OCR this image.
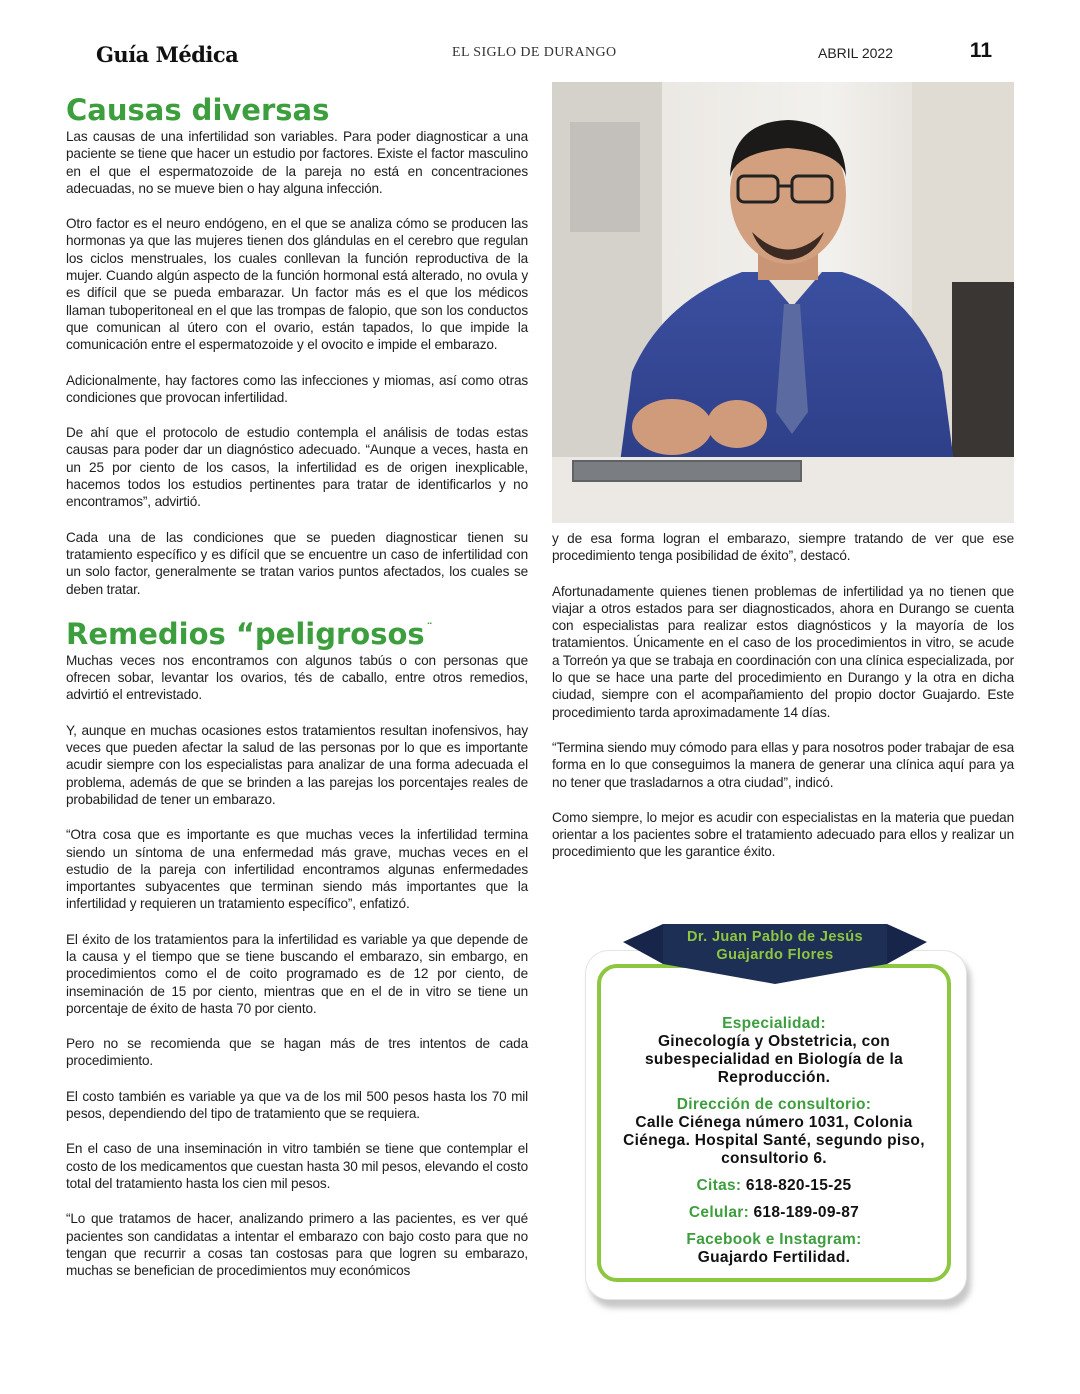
Guía Médica	EL SIGLO DE DURANGO	ABRIL 2022	11
Causas diversas

Las causas de una infertilidad son variables. Para poder diagnosticar a una paciente se tiene que hacer un estudio por factores. Existe el factor masculino en el que el espermatozoide de la pareja no está en concentraciones adecuadas, no se mueve bien o hay alguna infección.

Otro factor es el neuro endógeno, en el que se analiza cómo se producen las hormonas ya que las mujeres tienen dos glándulas en el cerebro que regulan los ciclos menstruales, los cuales conllevan la función reproductiva de la mujer. Cuando algún aspecto de la función hormonal está alterado, no ovula y es difícil que se pueda embarazar. Un factor más es el que los médicos llaman tuboperitoneal en el que las trompas de falopio, que son los conductos que comunican al útero con el ovario, están tapados, lo que impide la comunicación entre el espermatozoide y el ovocito e impide el embarazo.

Adicionalmente, hay factores como las infecciones y miomas, así como otras condiciones que provocan infertilidad.

De ahí que el protocolo de estudio contempla el análisis de todas estas causas para poder dar un diagnóstico adecuado. “Aunque a veces, hasta en un 25 por ciento de los casos, la infertilidad es de origen inexplicable, hacemos todos los estudios pertinentes para tratar de identificarlos y no encontramos”, advirtió.

Cada una de las condiciones que se pueden diagnosticar tienen su tratamiento específico y es difícil que se encuentre un caso de infertilidad con un solo factor, generalmente se tratan varios puntos afectados, los cuales se deben tratar.

Remedios “peligrosos ¨

Muchas veces nos encontramos con algunos tabús o con personas que ofrecen sobar, levantar los ovarios, tés de caballo, entre otros remedios, advirtió el entrevistado.

Y, aunque en muchas ocasiones estos tratamientos resultan inofensivos, hay veces que pueden afectar la salud de las personas por lo que es importante acudir siempre con los especialistas para analizar de una forma adecuada el problema, además de que se brinden a las parejas los porcentajes reales de probabilidad de tener un embarazo.

“Otra cosa que es importante es que muchas veces la infertilidad termina siendo un síntoma de una enfermedad más grave, muchas veces en el estudio de la pareja con infertilidad encontramos algunas enfermedades importantes subyacentes que terminan siendo más importantes que la infertilidad y requieren un tratamiento específico”, enfatizó.

El éxito de los tratamientos para la infertilidad es variable ya que depende de la causa y el tiempo que se tiene buscando el embarazo, sin embargo, en procedimientos como el de coito programado es de 12 por ciento, de inseminación de 15 por ciento, mientras que en el de in vitro se tiene un porcentaje de éxito de hasta 70 por ciento.

Pero no se recomienda que se hagan más de tres intentos de cada procedimiento.

El costo también es variable ya que va de los mil 500 pesos hasta los 70 mil pesos, dependiendo del tipo de tratamiento que se requiera.

En el caso de una inseminación in vitro también se tiene que contemplar el costo de los medicamentos que cuestan hasta 30 mil pesos, elevando el costo total del tratamiento hasta los cien mil pesos.

“Lo que tratamos de hacer, analizando primero a las pacientes, es ver qué pacientes son candidatas a intentar el embarazo con bajo costo para que no tengan que recurrir a cosas tan costosas para que logren su embarazo, muchas se benefician de procedimientos muy económicos

y de esa forma logran el embarazo, siempre tratando de ver que ese procedimiento tenga posibilidad de éxito”, destacó.

Afortunadamente quienes tienen problemas de infertilidad ya no tienen que viajar a otros estados para ser diagnosticados, ahora en Durango se cuenta con especialistas para realizar estos diagnósticos y la mayoría de los tratamientos. Únicamente en el caso de los procedimientos in vitro, se acude a Torreón ya que se trabaja en coordinación con una clínica especializada, por lo que se hace una parte del procedimiento en Durango y la otra en dicha ciudad, siempre con el acompañamiento del propio doctor Guajardo. Este procedimiento tarda aproximadamente 14 días.

“Termina siendo muy cómodo para ellas y para nosotros poder trabajar de esa forma en lo que conseguimos la manera de generar una clínica aquí para ya no tener que trasladarnos a otra ciudad”, indicó.

Como siempre, lo mejor es acudir con especialistas en la materia que puedan orientar a los pacientes sobre el tratamiento adecuado para ellos y realizar un procedimiento que les garantice éxito.

Especialidad:
Ginecología y Obstetricia, con subespecialidad en Biología de la Reproducción.
Dirección de consultorio:
Calle Ciénega número 1031, Colonia Ciénega. Hospital Santé, segundo piso, consultorio 6.
Citas: 618-820-15-25
Celular: 618-189-09-87
Facebook e Instagram:
Guajardo Fertilidad.
Dr. Juan Pablo de Jesús
Guajardo Flores
